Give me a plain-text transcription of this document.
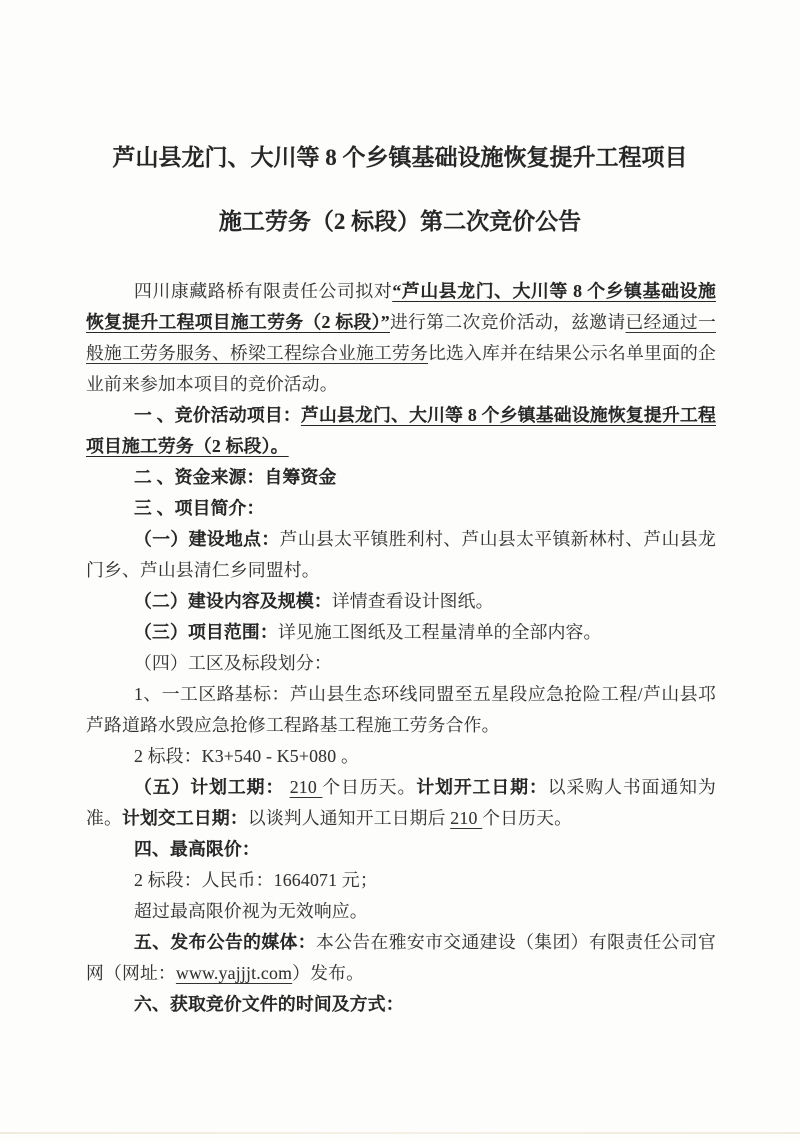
芦山县龙门、大川等 8 个乡镇基础设施恢复提升工程项目
施工劳务（2 标段）第二次竞价公告

四川康藏路桥有限责任公司拟对“芦山县龙门、大川等 8 个乡镇基础设施恢复提升工程项目施工劳务（2 标段）”进行第二次竞价活动，兹邀请已经通过一般施工劳务服务、桥梁工程综合业施工劳务比选入库并在结果公示名单里面的企业前来参加本项目的竞价活动。

一 、竞价活动项目：芦山县龙门、大川等 8 个乡镇基础设施恢复提升工程项目施工劳务（2 标段）。

二 、资金来源：自筹资金

三 、项目简介：

（一）建设地点：芦山县太平镇胜利村、芦山县太平镇新林村、芦山县龙门乡、芦山县清仁乡同盟村。

（二）建设内容及规模：详情查看设计图纸。

（三）项目范围：详见施工图纸及工程量清单的全部内容。

（四）工区及标段划分：

1、一工区路基标：芦山县生态环线同盟至五星段应急抢险工程/芦山县邛芦路道路水毁应急抢修工程路基工程施工劳务合作。

2 标段：K3+540 - K5+080 。

（五）计划工期： 210 个日历天。计划开工日期：以采购人书面通知为准。计划交工日期：以谈判人通知开工日期后 210 个日历天。

四、最高限价：

2 标段：人民币：1664071 元；

超过最高限价视为无效响应。

五、发布公告的媒体：本公告在雅安市交通建设（集团）有限责任公司官网（网址：www.yajjjt.com）发布。

六、获取竞价文件的时间及方式：
